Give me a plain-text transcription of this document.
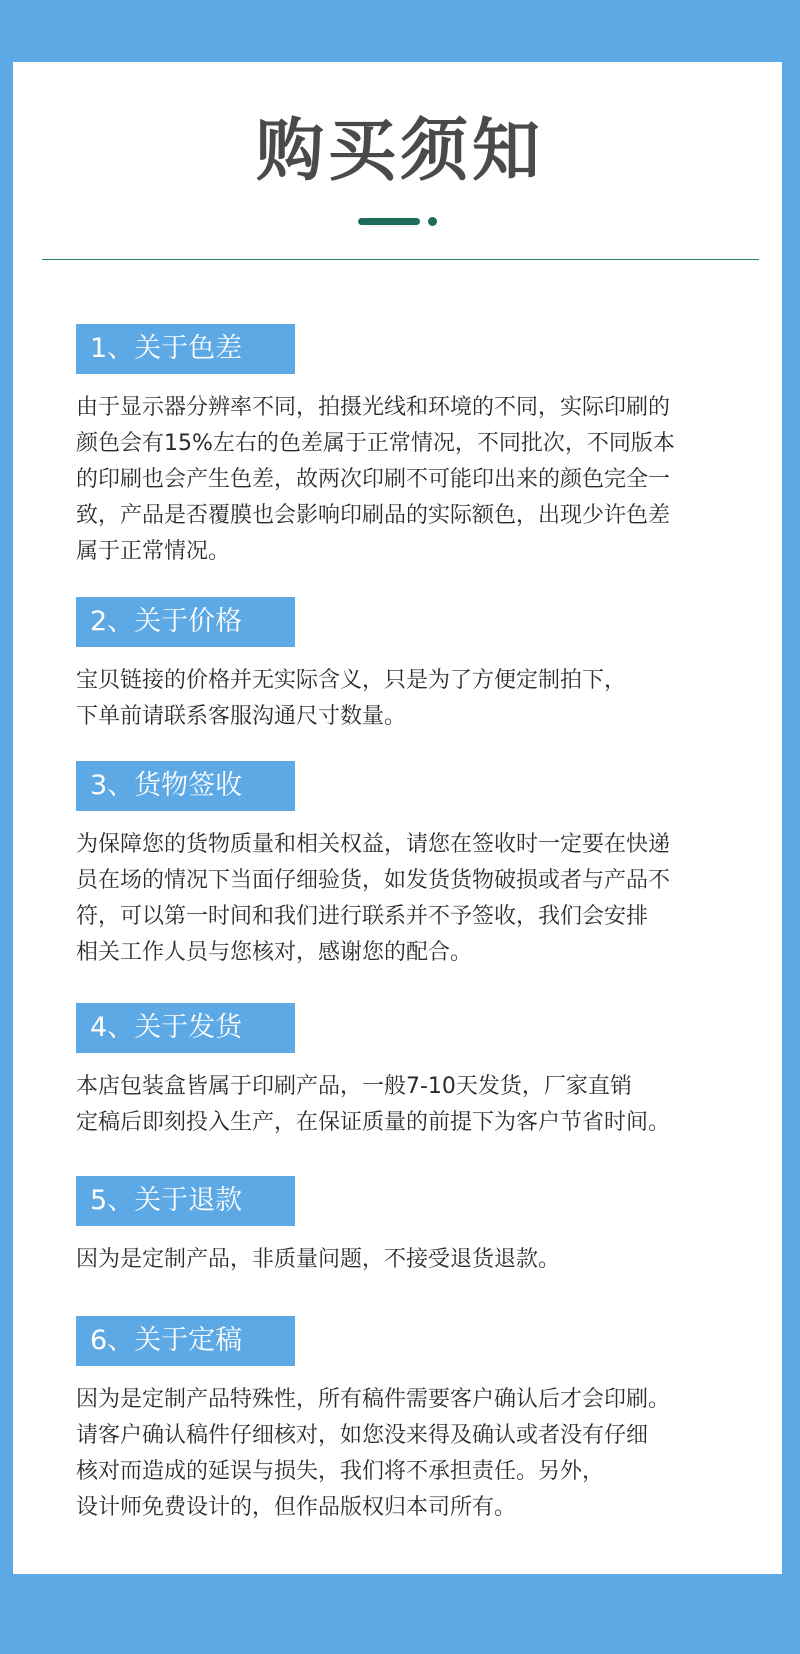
购买须知
1、关于色差
由于显示器分辨率不同，拍摄光线和环境的不同，实际印刷的
颜色会有15%左右的色差属于正常情况，不同批次，不同版本
的印刷也会产生色差，故两次印刷不可能印出来的颜色完全一
致，产品是否覆膜也会影响印刷品的实际额色，出现少许色差
属于正常情况。
2、关于价格
宝贝链接的价格并无实际含义，只是为了方便定制拍下，
下单前请联系客服沟通尺寸数量。
3、货物签收
为保障您的货物质量和相关权益，请您在签收时一定要在快递
员在场的情况下当面仔细验货，如发货货物破损或者与产品不
符，可以第一时间和我们进行联系并不予签收，我们会安排
相关工作人员与您核对，感谢您的配合。
4、关于发货
本店包装盒皆属于印刷产品，一般7-10天发货，厂家直销
定稿后即刻投入生产，在保证质量的前提下为客户节省时间。
5、关于退款
因为是定制产品，非质量问题，不接受退货退款。
6、关于定稿
因为是定制产品特殊性，所有稿件需要客户确认后才会印刷。
请客户确认稿件仔细核对，如您没来得及确认或者没有仔细
核对而造成的延误与损失，我们将不承担责任。另外，
设计师免费设计的，但作品版权归本司所有。
